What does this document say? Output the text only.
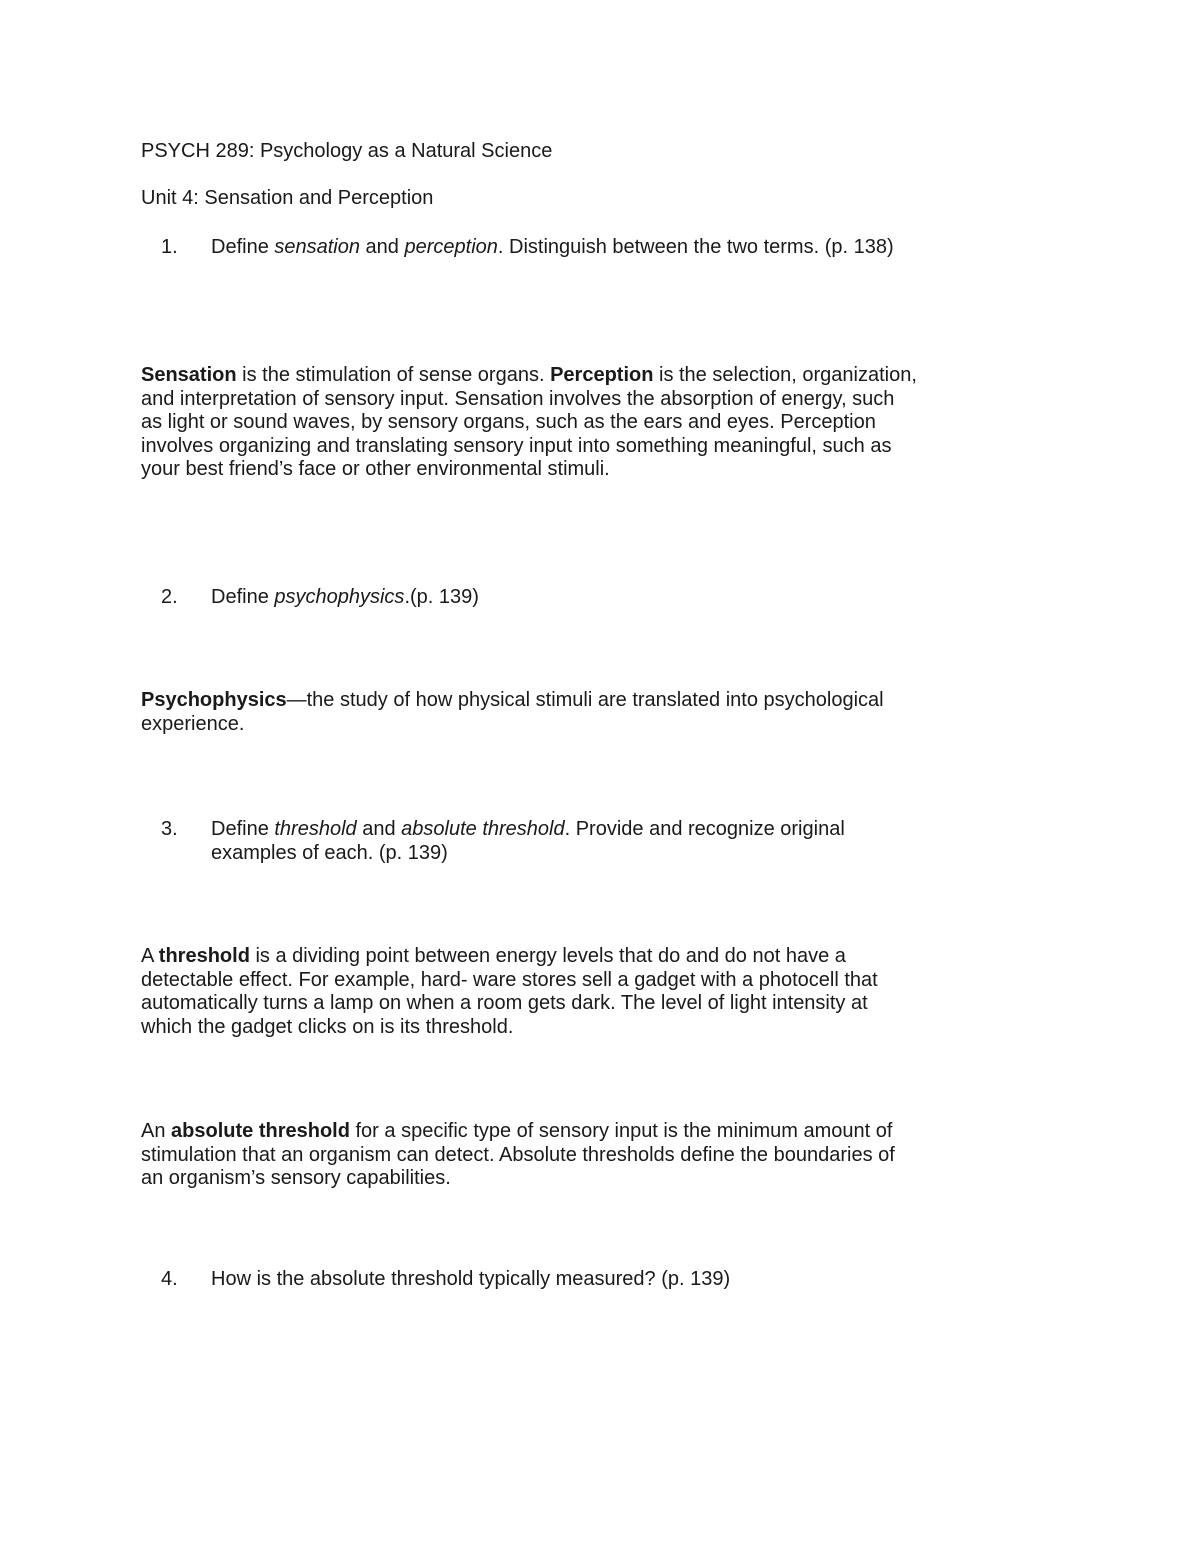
PSYCH 289: Psychology as a Natural Science

Unit 4: Sensation and Perception

1.	Define sensation and perception. Distinguish between the two terms. (p. 138)

Sensation is the stimulation of sense organs. Perception is the selection, organization, and interpretation of sensory input. Sensation involves the absorption of energy, such as light or sound waves, by sensory organs, such as the ears and eyes. Perception involves organizing and translating sensory input into something meaningful, such as your best friend’s face or other environmental stimuli.

2.	Define psychophysics.(p. 139)

Psychophysics—the study of how physical stimuli are translated into psychological experience.

3.	Define threshold and absolute threshold. Provide and recognize original examples of each. (p. 139)

A threshold is a dividing point between energy levels that do and do not have a detectable effect. For example, hard- ware stores sell a gadget with a photocell that automatically turns a lamp on when a room gets dark. The level of light intensity at which the gadget clicks on is its threshold.

An absolute threshold for a specific type of sensory input is the minimum amount of stimulation that an organism can detect. Absolute thresholds define the boundaries of an organism’s sensory capabilities.

4.	How is the absolute threshold typically measured? (p. 139)
